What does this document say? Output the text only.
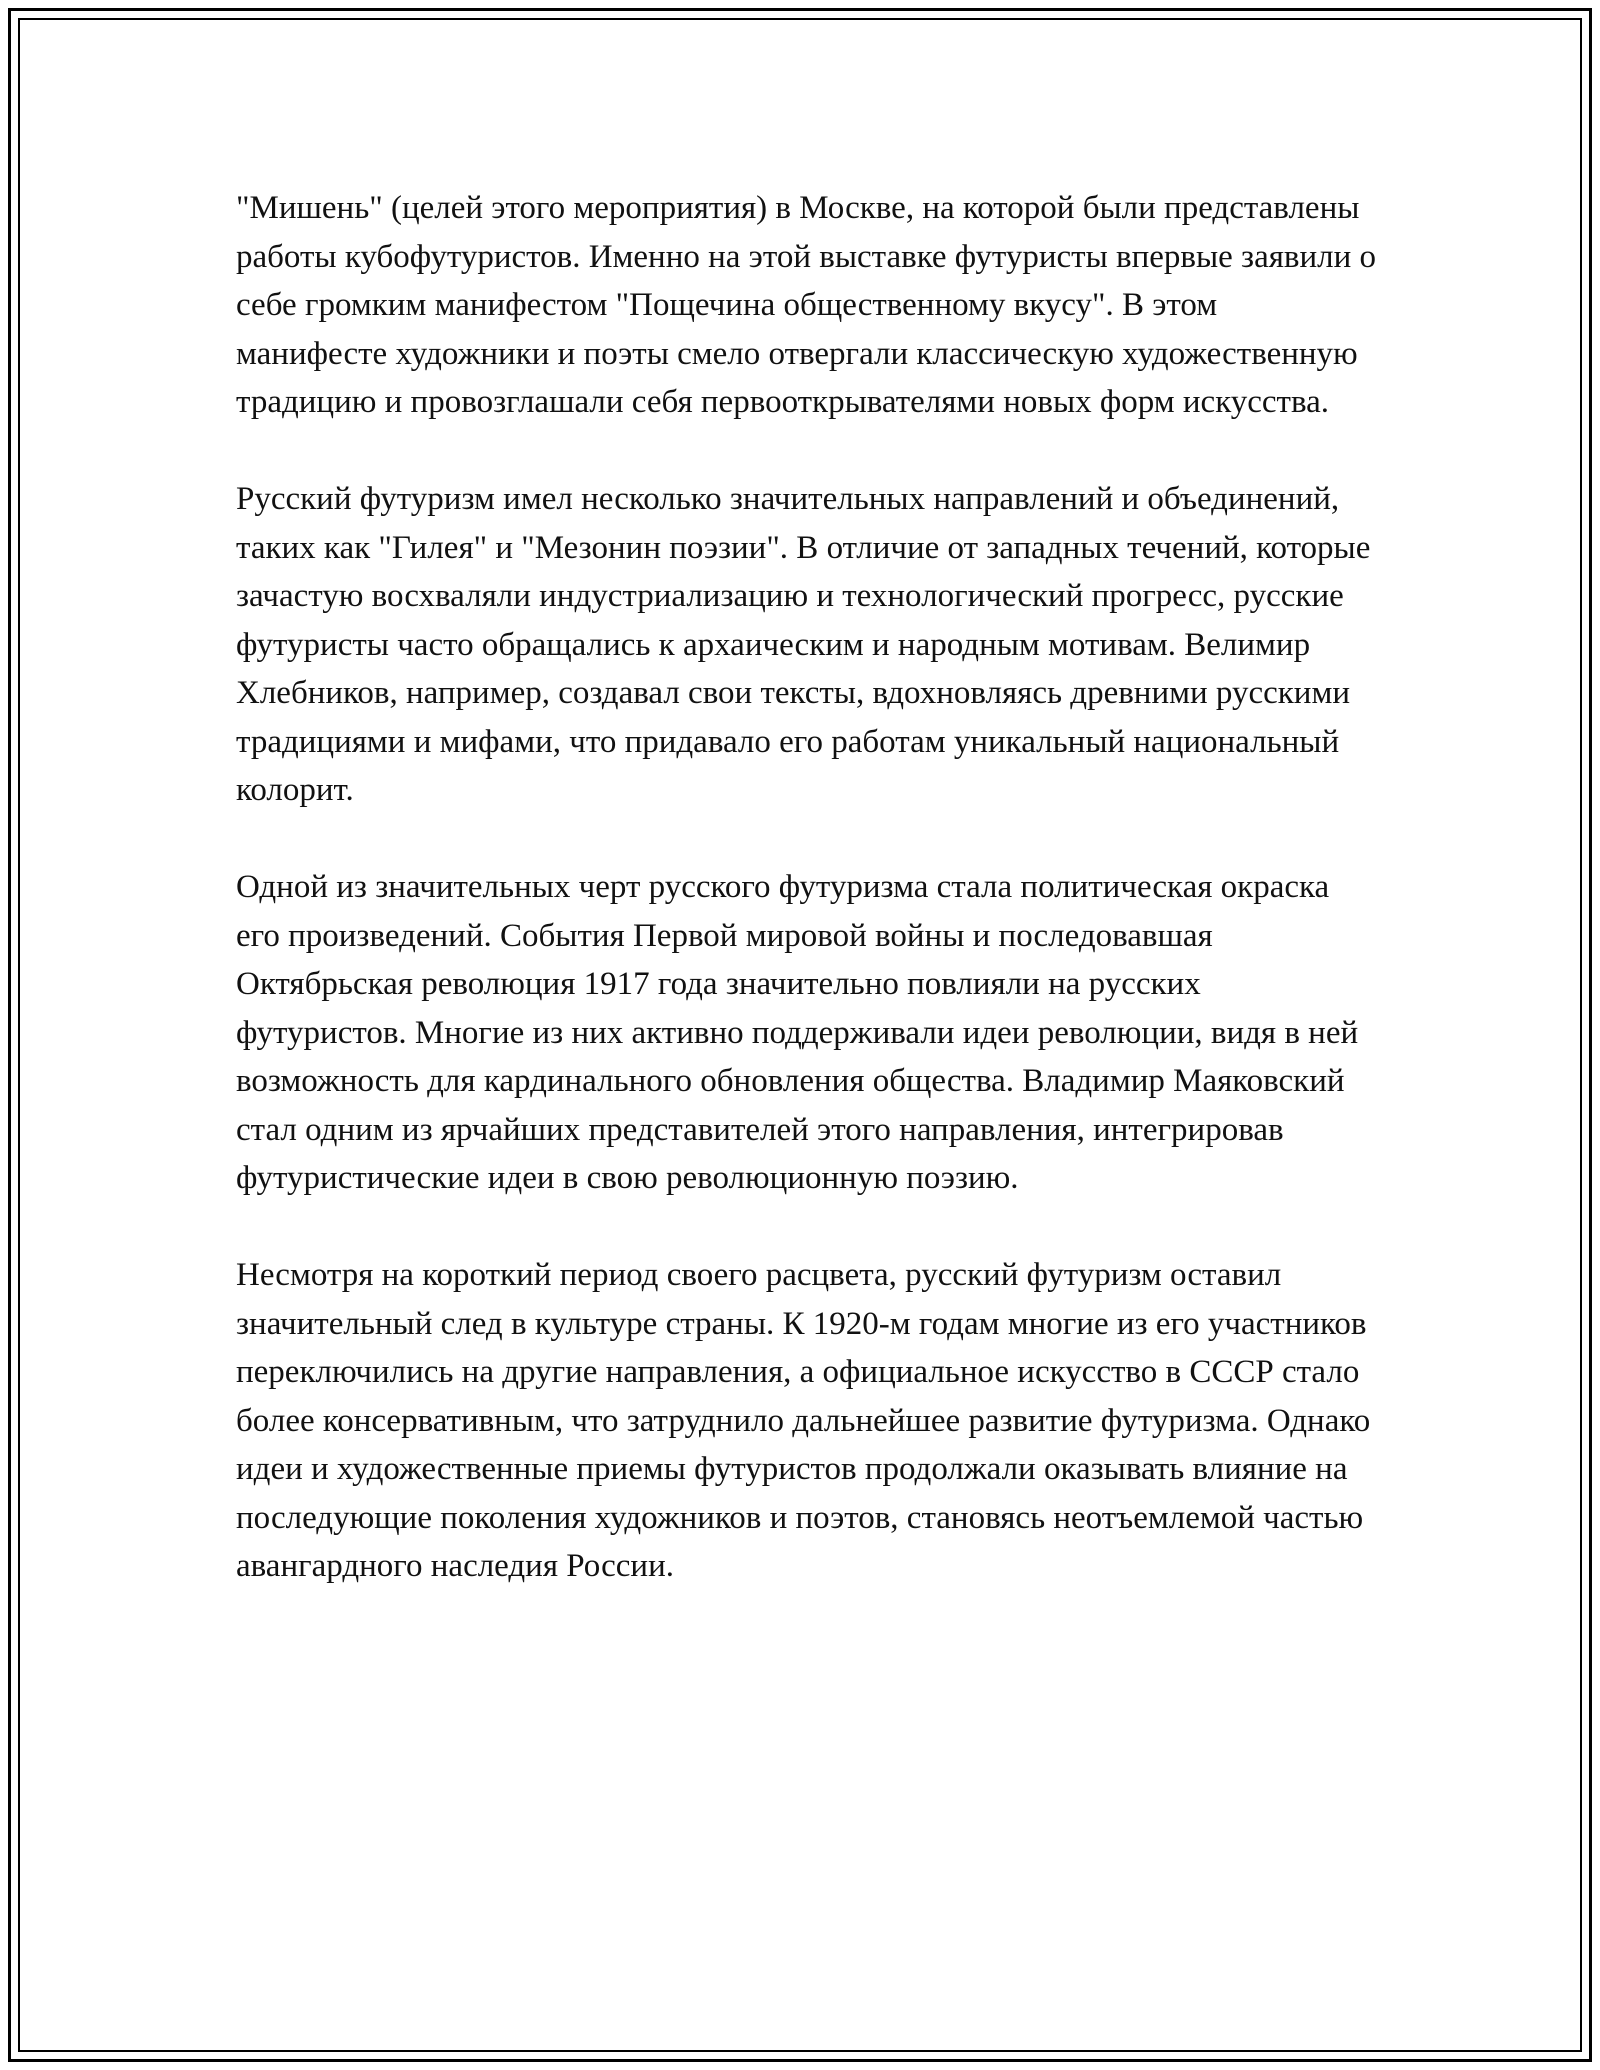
"Мишень" (целей этого мероприятия) в Москве, на которой были представлены работы кубофутуристов. Именно на этой выставке футуристы впервые заявили о себе громким манифестом "Пощечина общественному вкусу". В этом манифесте художники и поэты смело отвергали классическую художественную традицию и провозглашали себя первооткрывателями новых форм искусства.

Русский футуризм имел несколько значительных направлений и объединений, таких как "Гилея" и "Мезонин поэзии". В отличие от западных течений, которые зачастую восхваляли индустриализацию и технологический прогресс, русские футуристы часто обращались к архаическим и народным мотивам. Велимир Хлебников, например, создавал свои тексты, вдохновляясь древними русскими традициями и мифами, что придавало его работам уникальный национальный колорит.

Одной из значительных черт русского футуризма стала политическая окраска его произведений. События Первой мировой войны и последовавшая Октябрьская революция 1917 года значительно повлияли на русских футуристов. Многие из них активно поддерживали идеи революции, видя в ней возможность для кардинального обновления общества. Владимир Маяковский стал одним из ярчайших представителей этого направления, интегрировав футуристические идеи в свою революционную поэзию.

Несмотря на короткий период своего расцвета, русский футуризм оставил значительный след в культуре страны. К 1920-м годам многие из его участников переключились на другие направления, а официальное искусство в СССР стало более консервативным, что затруднило дальнейшее развитие футуризма. Однако идеи и художественные приемы футуристов продолжали оказывать влияние на последующие поколения художников и поэтов, становясь неотъемлемой частью авангардного наследия России.
